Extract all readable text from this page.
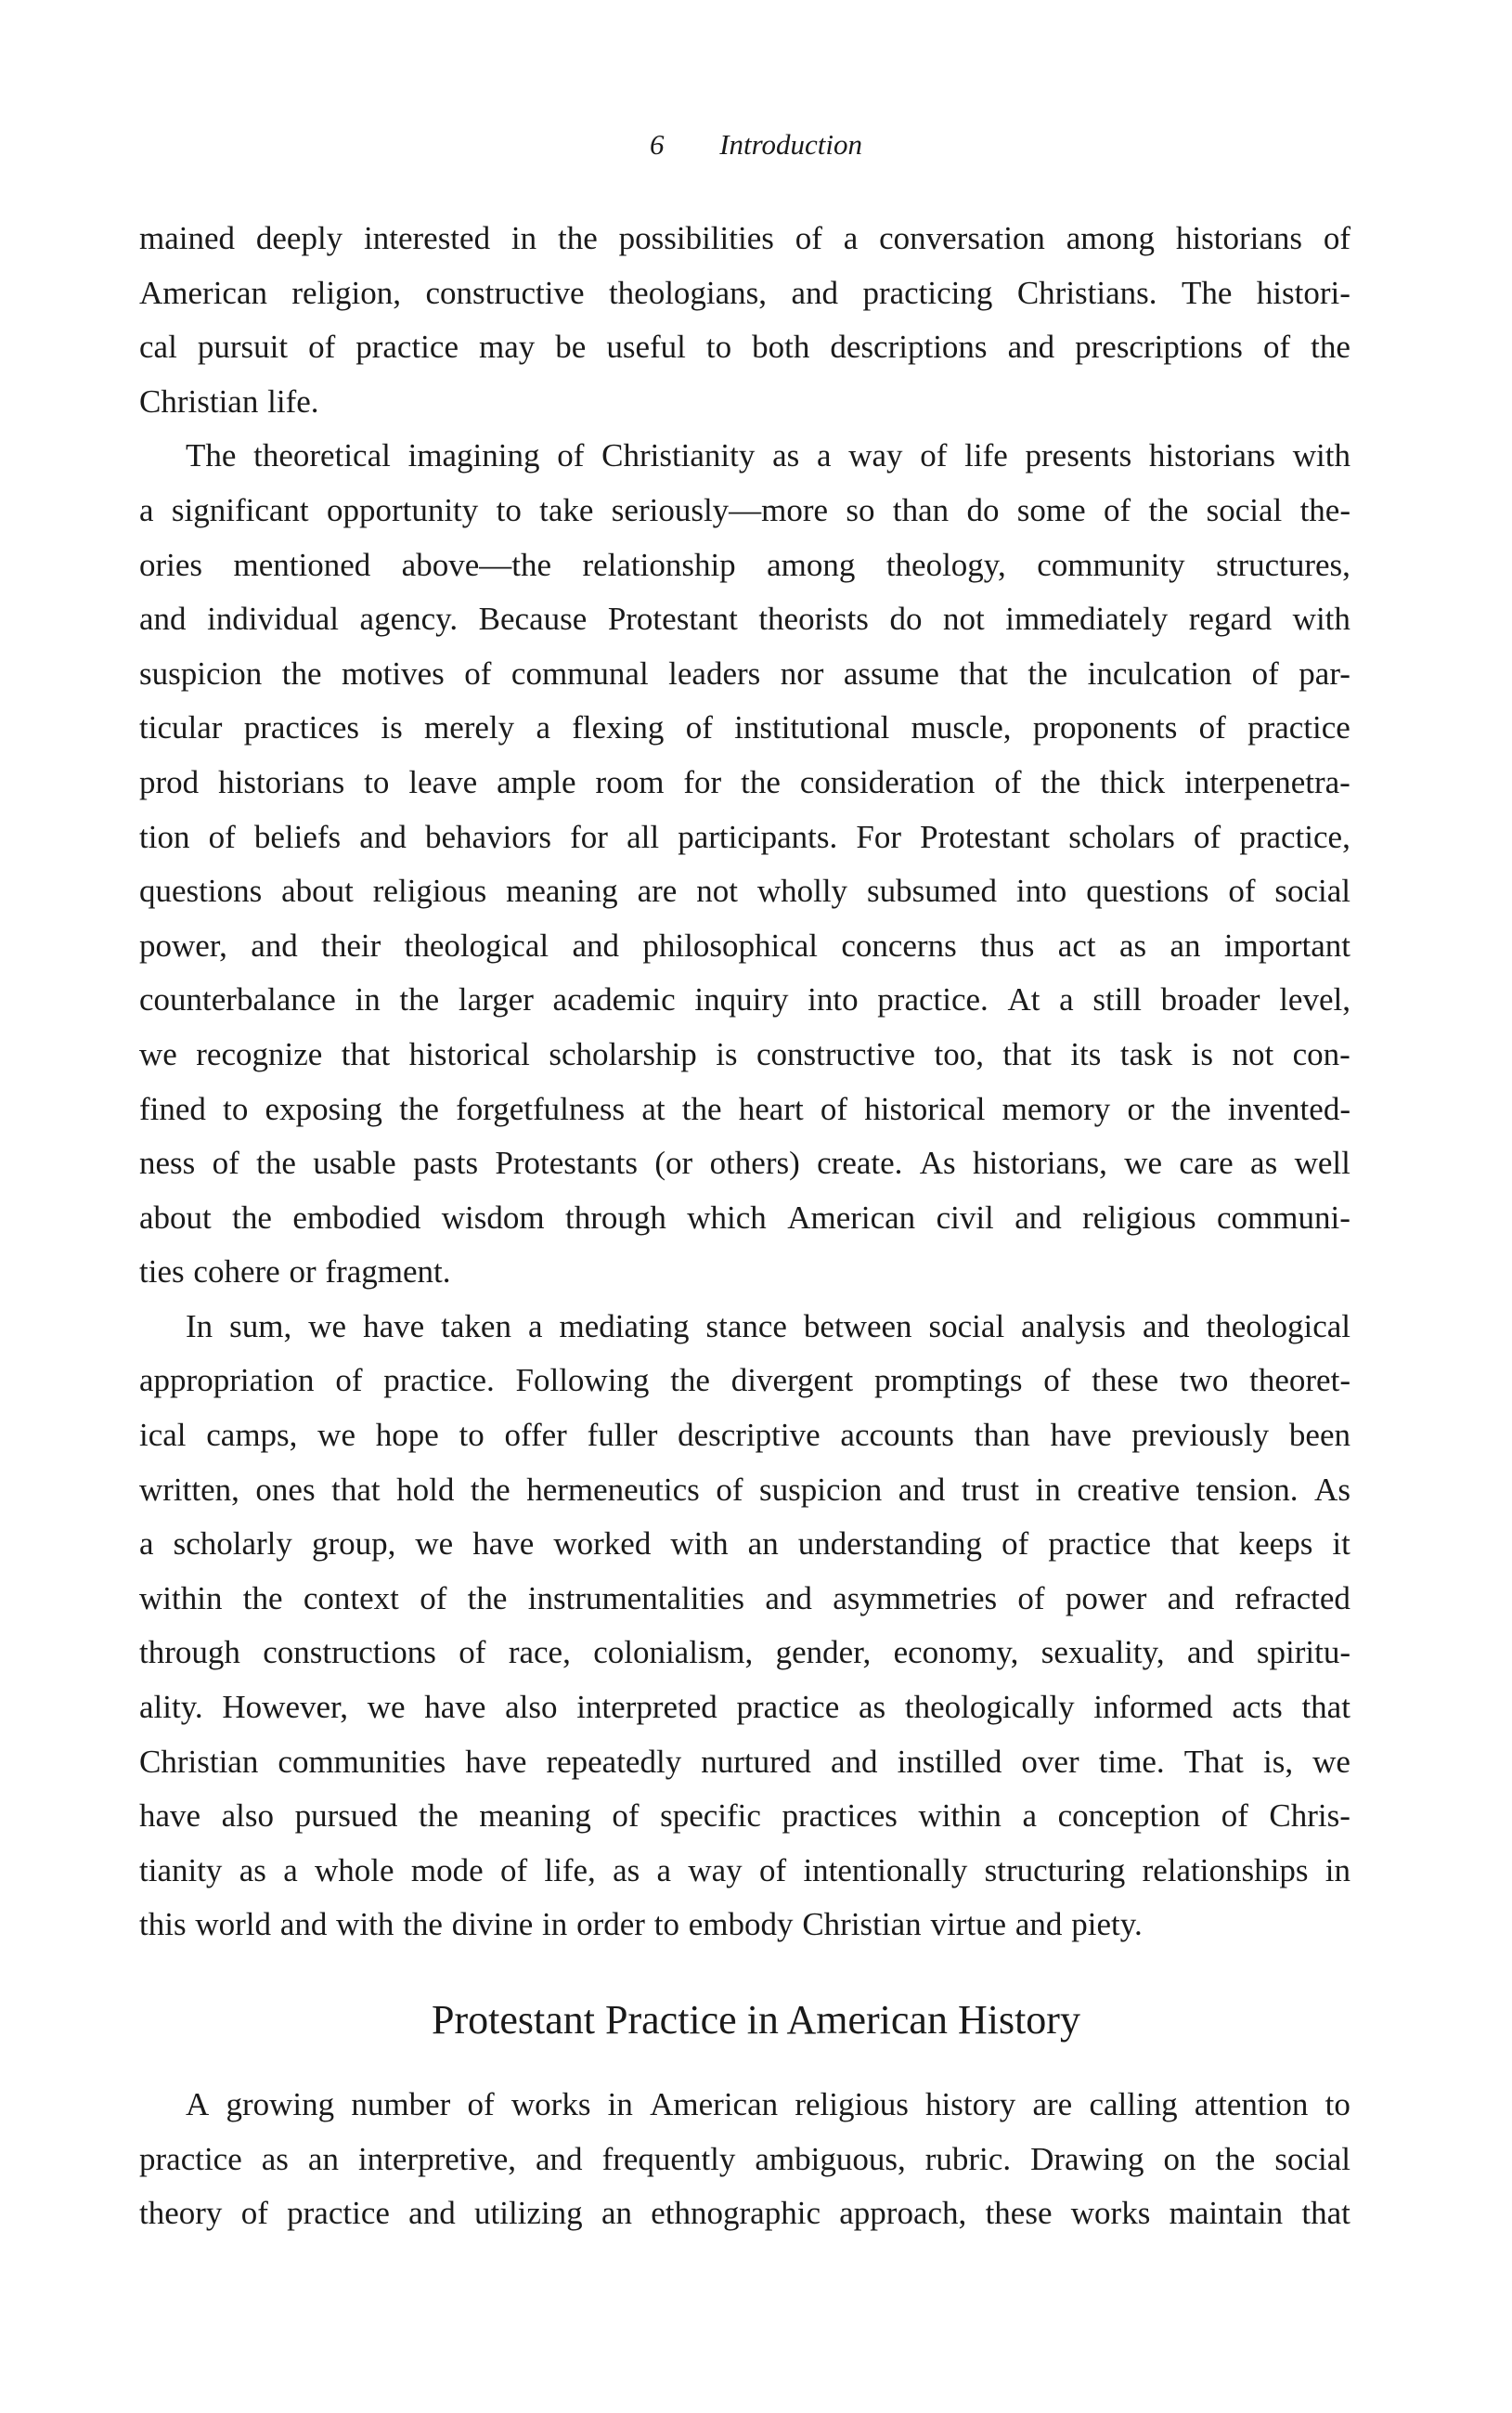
6 Introduction
mained deeply interested in the possibilities of a conversation among historians of
American religion, constructive theologians, and practicing Christians. The histori-
cal pursuit of practice may be useful to both descriptions and prescriptions of the
Christian life.
The theoretical imagining of Christianity as a way of life presents historians with
a significant opportunity to take seriously—more so than do some of the social the-
ories mentioned above—the relationship among theology, community structures,
and individual agency. Because Protestant theorists do not immediately regard with
suspicion the motives of communal leaders nor assume that the inculcation of par-
ticular practices is merely a flexing of institutional muscle, proponents of practice
prod historians to leave ample room for the consideration of the thick interpenetra-
tion of beliefs and behaviors for all participants. For Protestant scholars of practice,
questions about religious meaning are not wholly subsumed into questions of social
power, and their theological and philosophical concerns thus act as an important
counterbalance in the larger academic inquiry into practice. At a still broader level,
we recognize that historical scholarship is constructive too, that its task is not con-
fined to exposing the forgetfulness at the heart of historical memory or the invented-
ness of the usable pasts Protestants (or others) create. As historians, we care as well
about the embodied wisdom through which American civil and religious communi-
ties cohere or fragment.
In sum, we have taken a mediating stance between social analysis and theological
appropriation of practice. Following the divergent promptings of these two theoret-
ical camps, we hope to offer fuller descriptive accounts than have previously been
written, ones that hold the hermeneutics of suspicion and trust in creative tension. As
a scholarly group, we have worked with an understanding of practice that keeps it
within the context of the instrumentalities and asymmetries of power and refracted
through constructions of race, colonialism, gender, economy, sexuality, and spiritu-
ality. However, we have also interpreted practice as theologically informed acts that
Christian communities have repeatedly nurtured and instilled over time. That is, we
have also pursued the meaning of specific practices within a conception of Chris-
tianity as a whole mode of life, as a way of intentionally structuring relationships in
this world and with the divine in order to embody Christian virtue and piety.
Protestant Practice in American History
A growing number of works in American religious history are calling attention to
practice as an interpretive, and frequently ambiguous, rubric. Drawing on the social
theory of practice and utilizing an ethnographic approach, these works maintain that
